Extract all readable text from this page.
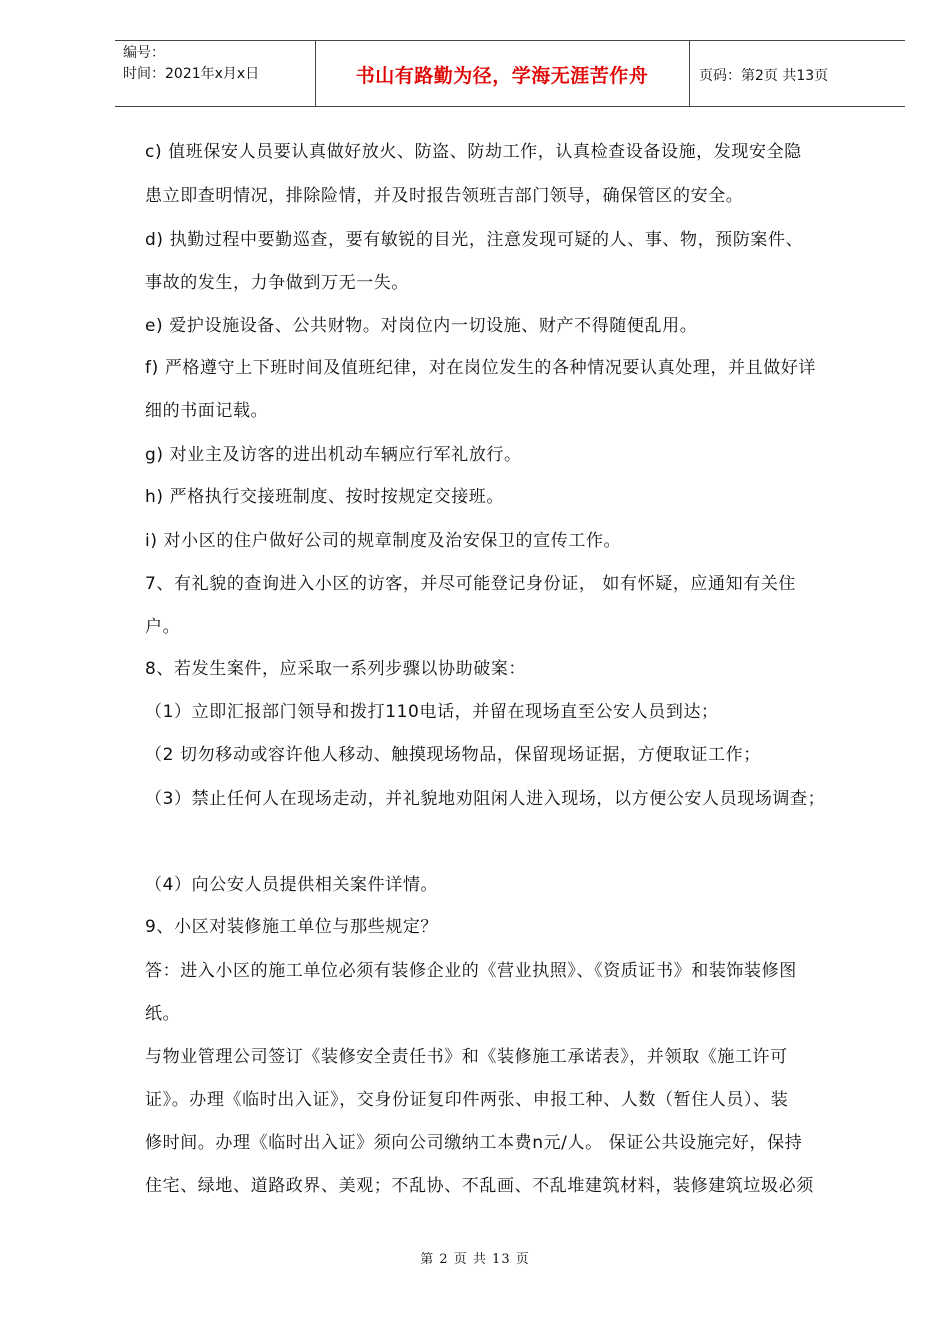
编号：
时间：2021年x月x日	书山有路勤为径，学海无涯苦作舟	页码：第2页 共13页
c) 值班保安人员要认真做好放火、防盗、防劫工作，认真检查设备设施，发现安全隐
患立即查明情况，排除险情，并及时报告领班吉部门领导，确保管区的安全。
d) 执勤过程中要勤巡查，要有敏锐的目光，注意发现可疑的人、事、物，预防案件、
事故的发生，力争做到万无一失。
e) 爱护设施设备、公共财物。对岗位内一切设施、财产不得随便乱用。
f) 严格遵守上下班时间及值班纪律，对在岗位发生的各种情况要认真处理，并且做好详
细的书面记载。
g) 对业主及访客的进出机动车辆应行军礼放行。
h) 严格执行交接班制度、按时按规定交接班。
i) 对小区的住户做好公司的规章制度及治安保卫的宣传工作。
7、有礼貌的查询进入小区的访客，并尽可能登记身份证， 如有怀疑，应通知有关住
户。
8、若发生案件，应采取一系列步骤以协助破案：
（1）立即汇报部门领导和拨打110电话，并留在现场直至公安人员到达；
（2 切勿移动或容许他人移动、触摸现场物品，保留现场证据，方便取证工作；
（3）禁止任何人在现场走动，并礼貌地劝阻闲人进入现场，以方便公安人员现场调查；
（4）向公安人员提供相关案件详情。
9、小区对装修施工单位与那些规定？
答：进入小区的施工单位必须有装修企业的《营业执照》、《资质证书》和装饰装修图
纸。
与物业管理公司签订《装修安全责任书》和《装修施工承诺表》，并领取《施工许可
证》。办理《临时出入证》，交身份证复印件两张、申报工种、人数（暂住人员）、装
修时间。办理《临时出入证》须向公司缴纳工本费n元/人。 保证公共设施完好，保持
住宅、绿地、道路政界、美观；不乱协、不乱画、不乱堆建筑材料，装修建筑垃圾必须
第 2 页 共 13 页
